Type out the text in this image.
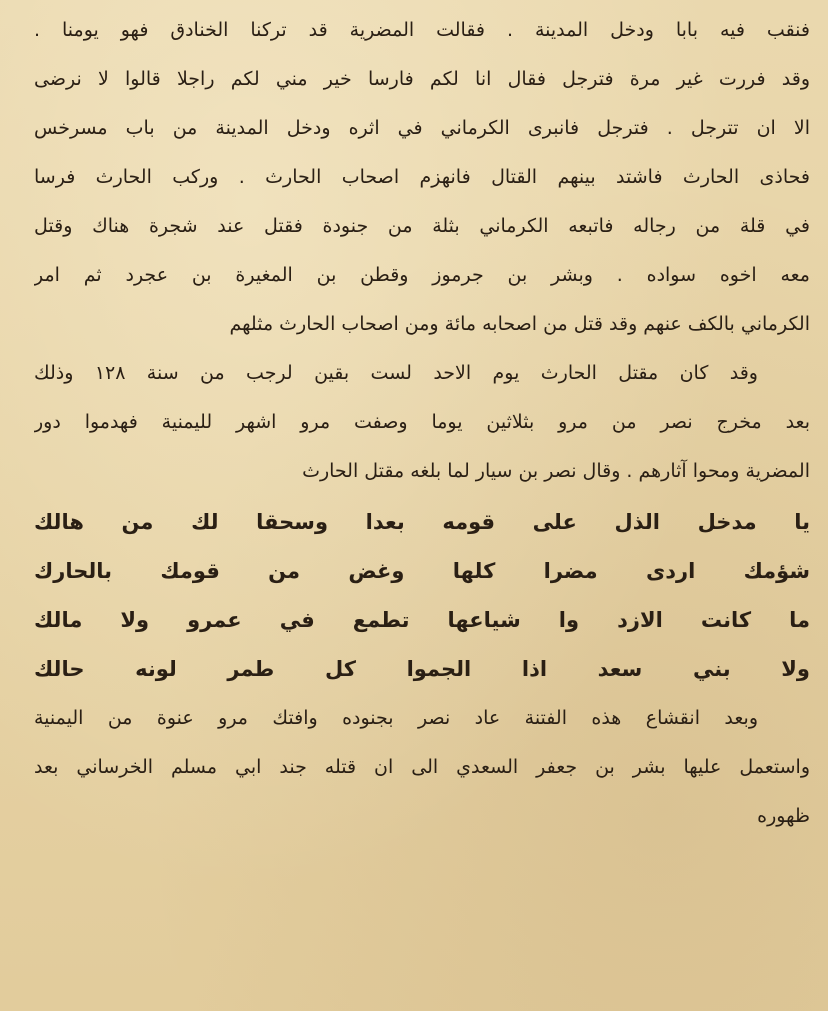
فنقب فيه بابا ودخل المدينة . فقالت المضرية قد تركنا الخنادق فهو يومنا .
وقد فررت غير مرة فترجل فقال انا لكم فارسا خير مني لكم راجلا قالوا لا نرضى
الا ان تترجل . فترجل فانبرى الكرماني في اثره ودخل المدينة من باب مسرخس
فحاذى الحارث فاشتد بينهم القتال فانهزم اصحاب الحارث . وركب الحارث فرسا
في قلة من رجاله فاتبعه الكرماني بثلة من جنودة فقتل عند شجرة هناك وقتل
معه اخوه سواده . وبشر بن جرموز وقطن بن المغيرة بن عجرد ثم امر
الكرماني بالكف عنهم وقد قتل من اصحابه مائة ومن اصحاب الحارث مثلهم
وقد كان مقتل الحارث يوم الاحد لست بقين لرجب من سنة ١٢٨ وذلك
بعد مخرج نصر من مرو بثلاثين يوما وصفت مرو اشهر لليمنية فهدموا دور
المضرية ومحوا آثارهم . وقال نصر بن سيار لما بلغه مقتل الحارث
يا مدخل الذل على قومه بعدا وسحقا لك من هالك
شؤمك اردى مضرا كلها وغض من قومك بالحارك
ما كانت الازد وا شياعها تطمع في عمرو ولا مالك
ولا بني سعد اذا الجموا كل طمر لونه حالك
وبعد انقشاع هذه الفتنة عاد نصر بجنوده وافتك مرو عنوة من اليمنية
واستعمل عليها بشر بن جعفر السعدي الى ان قتله جند ابي مسلم الخرساني بعد
ظهوره
